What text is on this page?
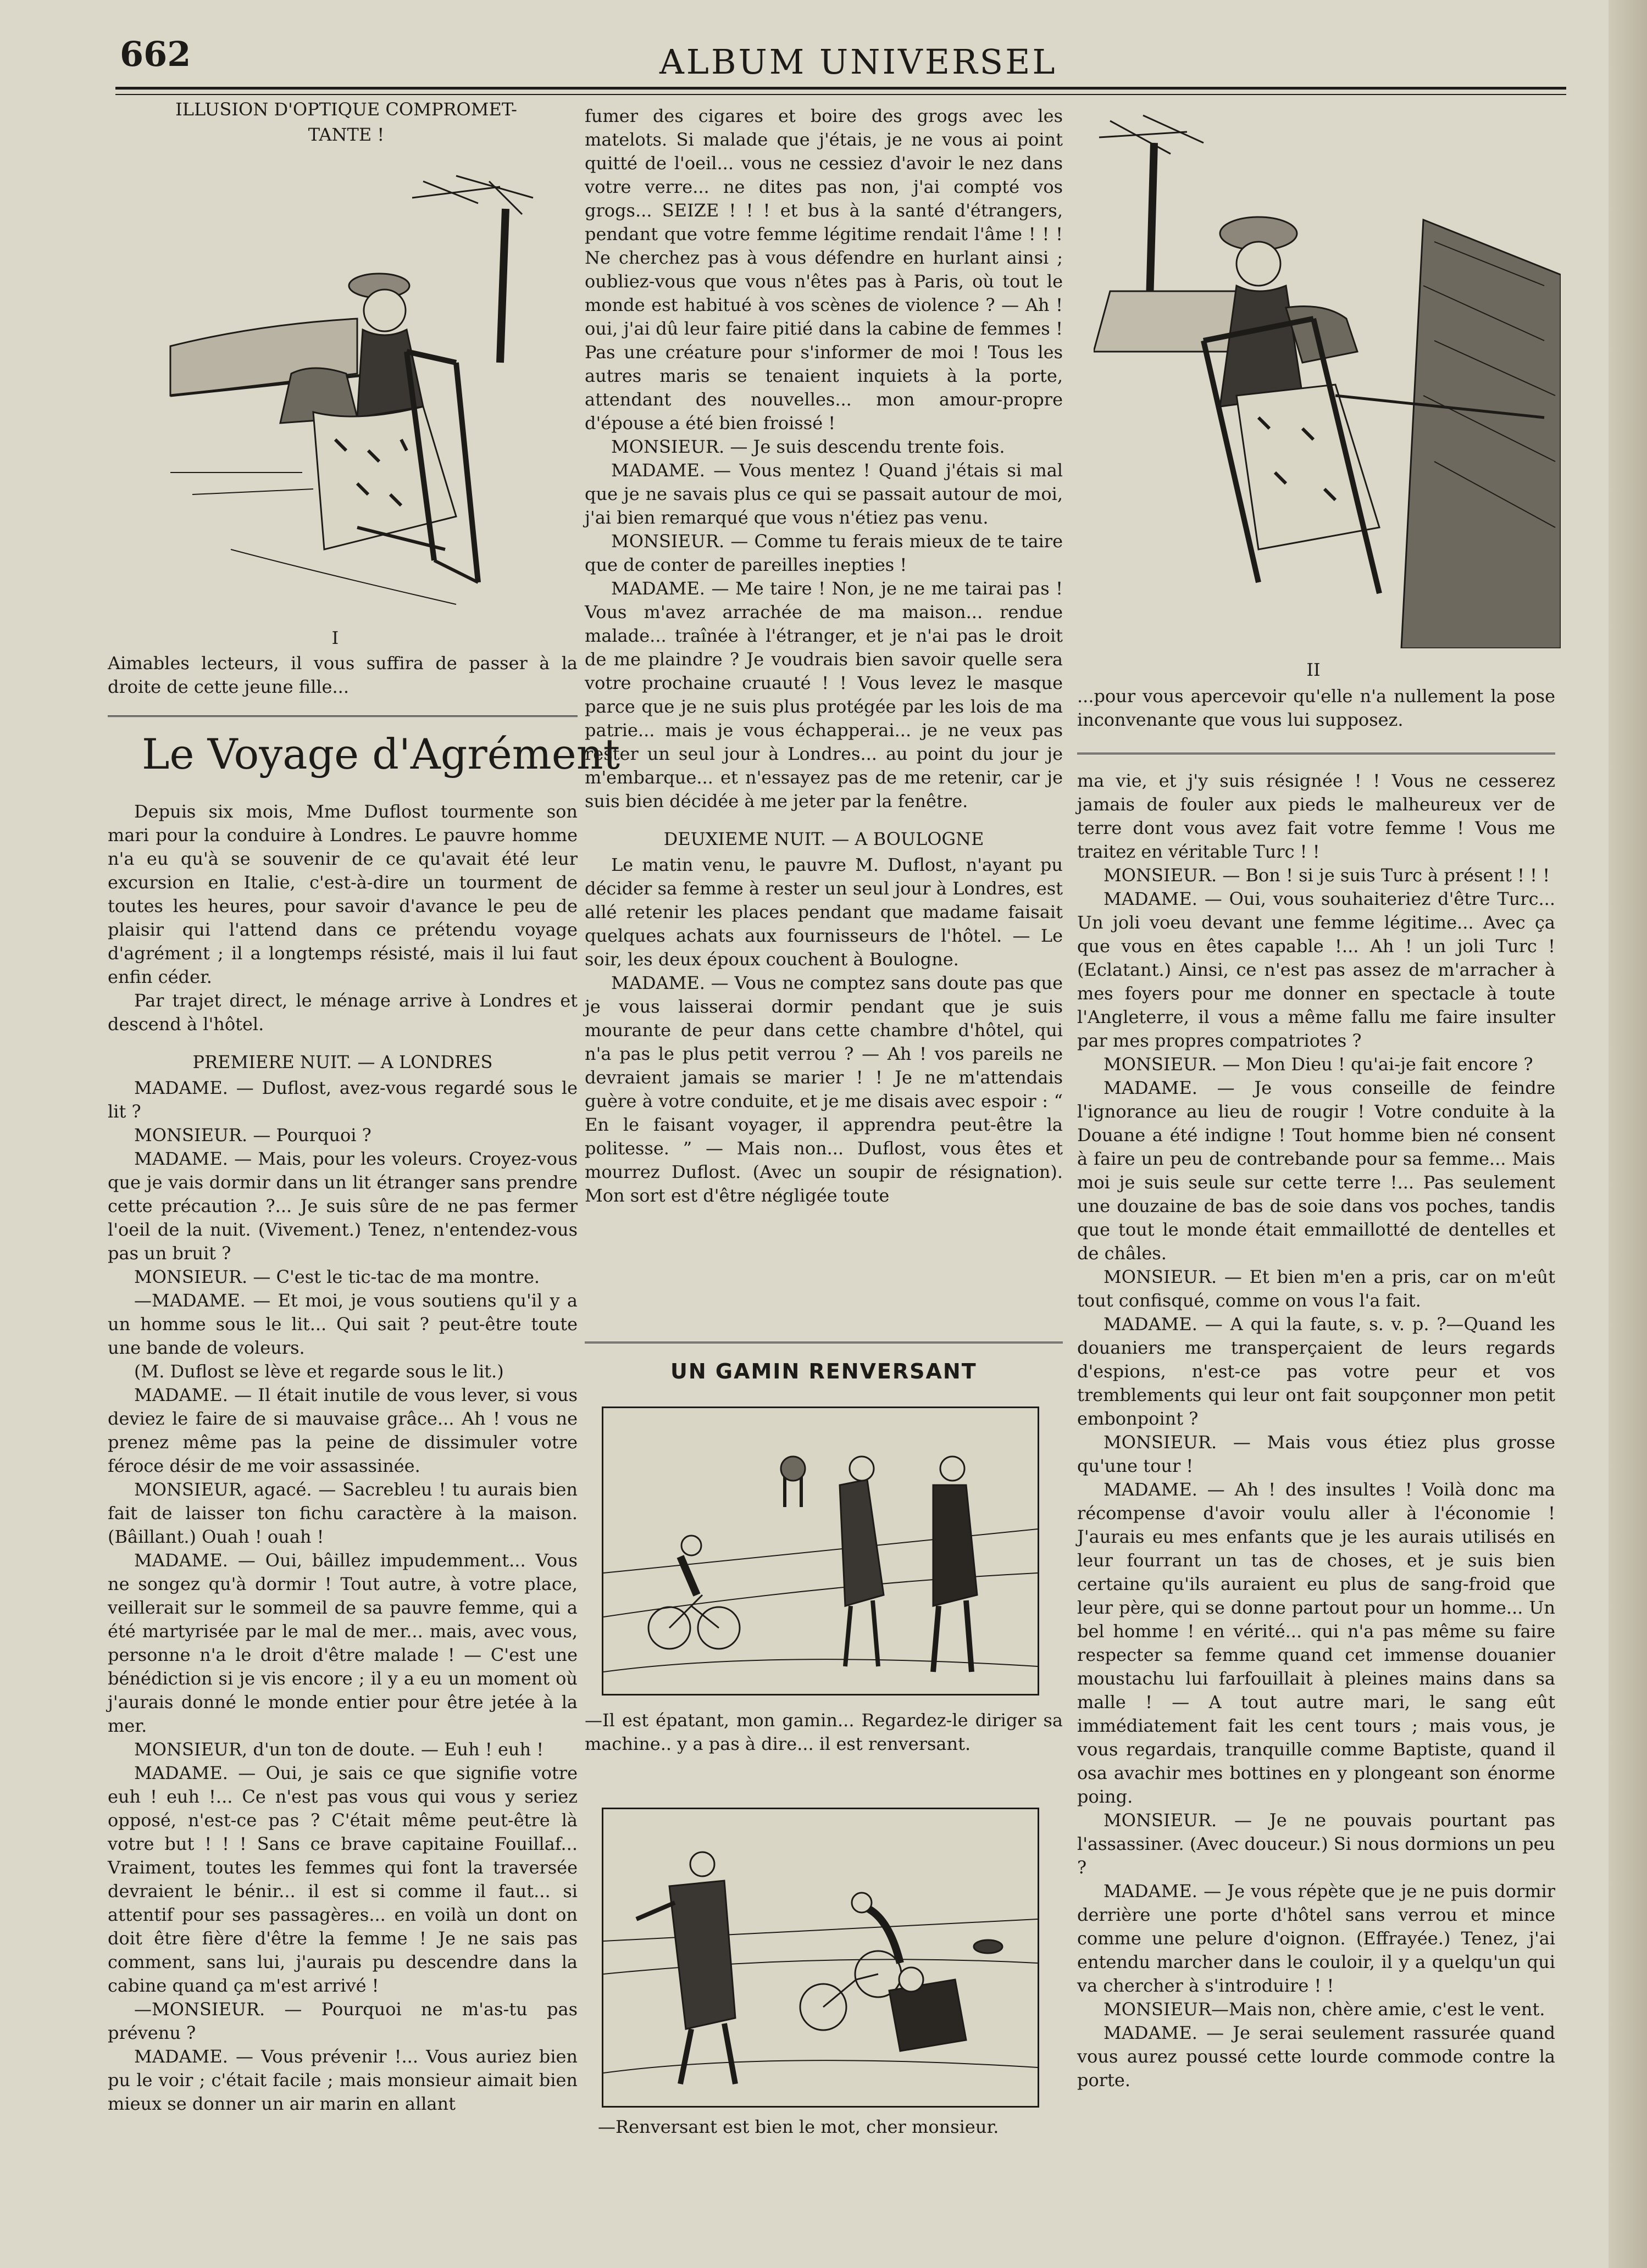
662	ALBUM UNIVERSEL
ILLUSION D'OPTIQUE COMPROMET- TANTE !
I
Aimables lecteurs, il vous suffira de passer à la droite de cette jeune fille...
II
...pour vous apercevoir qu'elle n'a nullement la pose inconvenante que vous lui supposez.
Le Voyage d'Agrément

Depuis six mois, Mme Duflost tourmente son mari pour la conduire à Londres. Le pauvre homme n'a eu qu'à se souvenir de ce qu'avait été leur excursion en Italie, c'est-à-dire un tourment de toutes les heures, pour savoir d'avance le peu de plaisir qui l'attend dans ce prétendu voyage d'agrément ; il a longtemps résisté, mais il lui faut enfin céder.

Par trajet direct, le ménage arrive à Londres et descend à l'hôtel.

PREMIERE NUIT. — A LONDRES

MADAME. — Duflost, avez-vous regardé sous le lit ?

MONSIEUR. — Pourquoi ?

MADAME. — Mais, pour les voleurs. Croyez-vous que je vais dormir dans un lit étranger sans prendre cette précaution ?... Je suis sûre de ne pas fermer l'oeil de la nuit. (Vivement.) Tenez, n'entendez-vous pas un bruit ?

MONSIEUR. — C'est le tic-tac de ma montre.

—MADAME. — Et moi, je vous soutiens qu'il y a un homme sous le lit... Qui sait ? peut-être toute une bande de voleurs.

(M. Duflost se lève et regarde sous le lit.)

MADAME. — Il était inutile de vous lever, si vous deviez le faire de si mauvaise grâce... Ah ! vous ne prenez même pas la peine de dissimuler votre féroce désir de me voir assassinée.

MONSIEUR, agacé. — Sacrebleu ! tu aurais bien fait de laisser ton fichu caractère à la maison. (Bâillant.) Ouah ! ouah !

MADAME. — Oui, bâillez impudemment... Vous ne songez qu'à dormir ! Tout autre, à votre place, veillerait sur le sommeil de sa pauvre femme, qui a été martyrisée par le mal de mer... mais, avec vous, personne n'a le droit d'être malade ! — C'est une bénédiction si je vis encore ; il y a eu un moment où j'aurais donné le monde entier pour être jetée à la mer.

MONSIEUR, d'un ton de doute. — Euh ! euh !

MADAME. — Oui, je sais ce que signifie votre euh ! euh !... Ce n'est pas vous qui vous y seriez opposé, n'est-ce pas ? C'était même peut-être là votre but ! ! ! Sans ce brave capitaine Fouillaf... Vraiment, toutes les femmes qui font la traversée devraient le bénir... il est si comme il faut... si attentif pour ses passagères... en voilà un dont on doit être fière d'être la femme ! Je ne sais pas comment, sans lui, j'aurais pu descendre dans la cabine quand ça m'est arrivé !

—MONSIEUR. — Pourquoi ne m'as-tu pas prévenu ?

MADAME. — Vous prévenir !... Vous auriez bien pu le voir ; c'était facile ; mais monsieur aimait bien mieux se donner un air marin en allant

fumer des cigares et boire des grogs avec les matelots. Si malade que j'étais, je ne vous ai point quitté de l'oeil... vous ne cessiez d'avoir le nez dans votre verre... ne dites pas non, j'ai compté vos grogs... SEIZE ! ! ! et bus à la santé d'étrangers, pendant que votre femme légitime rendait l'âme ! ! ! Ne cherchez pas à vous défendre en hurlant ainsi ; oubliez-vous que vous n'êtes pas à Paris, où tout le monde est habitué à vos scènes de violence ? — Ah ! oui, j'ai dû leur faire pitié dans la cabine de femmes ! Pas une créature pour s'informer de moi ! Tous les autres maris se tenaient inquiets à la porte, attendant des nouvelles... mon amour-propre d'épouse a été bien froissé !

MONSIEUR. — Je suis descendu trente fois.

MADAME. — Vous mentez ! Quand j'étais si mal que je ne savais plus ce qui se passait autour de moi, j'ai bien remarqué que vous n'étiez pas venu.

MONSIEUR. — Comme tu ferais mieux de te taire que de conter de pareilles inepties !

MADAME. — Me taire ! Non, je ne me tairai pas ! Vous m'avez arrachée de ma maison... rendue malade... traînée à l'étranger, et je n'ai pas le droit de me plaindre ? Je voudrais bien savoir quelle sera votre prochaine cruauté ! ! Vous levez le masque parce que je ne suis plus protégée par les lois de ma patrie... mais je vous échapperai... je ne veux pas rester un seul jour à Londres... au point du jour je m'embarque... et n'essayez pas de me retenir, car je suis bien décidée à me jeter par la fenêtre.

DEUXIEME NUIT. — A BOULOGNE

Le matin venu, le pauvre M. Duflost, n'ayant pu décider sa femme à rester un seul jour à Londres, est allé retenir les places pendant que madame faisait quelques achats aux fournisseurs de l'hôtel. — Le soir, les deux époux couchent à Boulogne.

MADAME. — Vous ne comptez sans doute pas que je vous laisserai dormir pendant que je suis mourante de peur dans cette chambre d'hôtel, qui n'a pas le plus petit verrou ? — Ah ! vos pareils ne devraient jamais se marier ! ! Je ne m'attendais guère à votre conduite, et je me disais avec espoir : “ En le faisant voyager, il apprendra peut-être la politesse. ” — Mais non... Duflost, vous êtes et mourrez Duflost. (Avec un soupir de résignation). Mon sort est d'être négligée toute

UN GAMIN RENVERSANT
—Il est épatant, mon gamin... Regardez-le diriger sa machine.. y a pas à dire... il est renversant.
—Renversant est bien le mot, cher monsieur.

ma vie, et j'y suis résignée ! ! Vous ne cesserez jamais de fouler aux pieds le malheureux ver de terre dont vous avez fait votre femme ! Vous me traitez en véritable Turc ! !

MONSIEUR. — Bon ! si je suis Turc à présent ! ! !

MADAME. — Oui, vous souhaiteriez d'être Turc... Un joli voeu devant une femme légitime... Avec ça que vous en êtes capable !... Ah ! un joli Turc ! (Eclatant.) Ainsi, ce n'est pas assez de m'arracher à mes foyers pour me donner en spectacle à toute l'Angleterre, il vous a même fallu me faire insulter par mes propres compatriotes ?

MONSIEUR. — Mon Dieu ! qu'ai-je fait encore ?

MADAME. — Je vous conseille de feindre l'ignorance au lieu de rougir ! Votre conduite à la Douane a été indigne ! Tout homme bien né consent à faire un peu de contrebande pour sa femme... Mais moi je suis seule sur cette terre !... Pas seulement une douzaine de bas de soie dans vos poches, tandis que tout le monde était emmaillotté de dentelles et de châles.

MONSIEUR. — Et bien m'en a pris, car on m'eût tout confisqué, comme on vous l'a fait.

MADAME. — A qui la faute, s. v. p. ?—Quand les douaniers me transperçaient de leurs regards d'espions, n'est-ce pas votre peur et vos tremblements qui leur ont fait soupçonner mon petit embonpoint ?

MONSIEUR. — Mais vous étiez plus grosse qu'une tour !

MADAME. — Ah ! des insultes ! Voilà donc ma récompense d'avoir voulu aller à l'économie ! J'aurais eu mes enfants que je les aurais utilisés en leur fourrant un tas de choses, et je suis bien certaine qu'ils auraient eu plus de sang-froid que leur père, qui se donne partout pour un homme... Un bel homme ! en vérité... qui n'a pas même su faire respecter sa femme quand cet immense douanier moustachu lui farfouillait à pleines mains dans sa malle ! — A tout autre mari, le sang eût immédiatement fait les cent tours ; mais vous, je vous regardais, tranquille comme Baptiste, quand il osa avachir mes bottines en y plongeant son énorme poing.

MONSIEUR. — Je ne pouvais pourtant pas l'assassiner. (Avec douceur.) Si nous dormions un peu ?

MADAME. — Je vous répète que je ne puis dormir derrière une porte d'hôtel sans verrou et mince comme une pelure d'oignon. (Effrayée.) Tenez, j'ai entendu marcher dans le couloir, il y a quelqu'un qui va chercher à s'introduire ! !

MONSIEUR—Mais non, chère amie, c'est le vent.

MADAME. — Je serai seulement rassurée quand vous aurez poussé cette lourde commode contre la porte.
